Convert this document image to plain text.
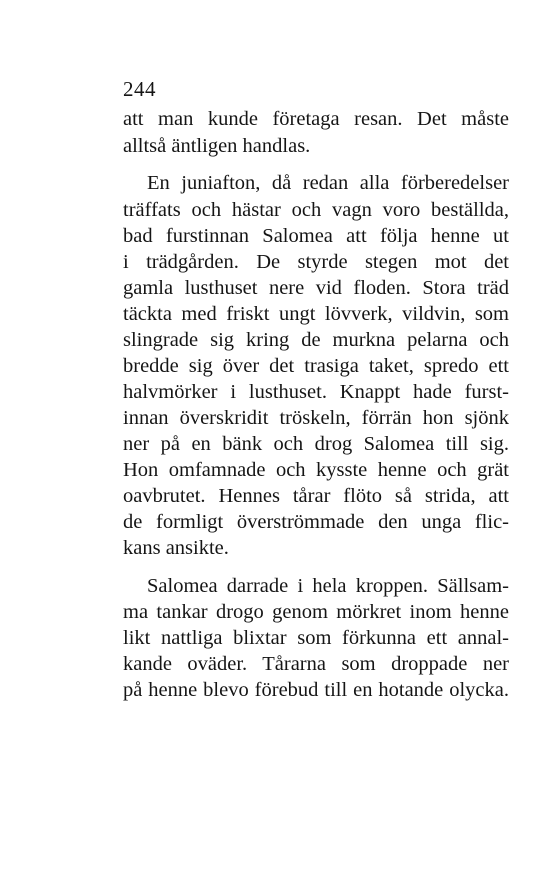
244
att man kunde företaga resan. Det måste
alltså äntligen handlas.
En juniafton, då redan alla förberedelser
träffats och hästar och vagn voro beställda,
bad furstinnan Salomea att följa henne ut
i trädgården. De styrde stegen mot det
gamla lusthuset nere vid floden. Stora träd
täckta med friskt ungt lövverk, vildvin, som
slingrade sig kring de murkna pelarna och
bredde sig över det trasiga taket, spredo ett
halvmörker i lusthuset. Knappt hade furst-
innan överskridit tröskeln, förrän hon sjönk
ner på en bänk och drog Salomea till sig.
Hon omfamnade och kysste henne och grät
oavbrutet. Hennes tårar flöto så strida, att
de formligt överströmmade den unga flic-
kans ansikte.
Salomea darrade i hela kroppen. Sällsam-
ma tankar drogo genom mörkret inom henne
likt nattliga blixtar som förkunna ett annal-
kande oväder. Tårarna som droppade ner
på henne blevo förebud till en hotande olycka.
